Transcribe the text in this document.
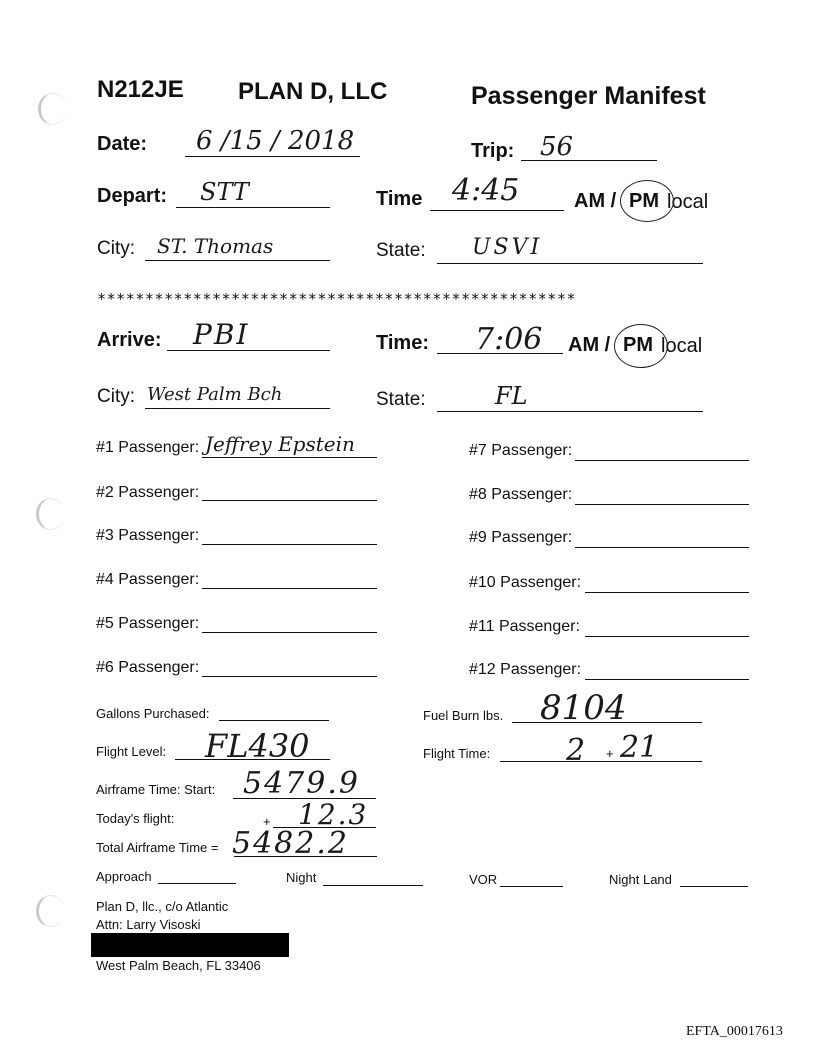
N212JE PLAN D, LLC	Passenger Manifest
Date: 6 /15 / 2018	Trip: 56
Depart: STT	Time 4:45	AM / PM local
City: ST. Thomas	State: USVI
**************************************************
Arrive: PBI	Time: 7:06 AM / PM local
City: West Palm Bch	State:	FL
#1 Passenger: Jeffrey Epstein
#2 Passenger:
#3 Passenger:
#4 Passenger:
#5 Passenger:
#6 Passenger:
#7 Passenger:
#8 Passenger:
#9 Passenger:
#10 Passenger:
#11 Passenger:
#12 Passenger:
Gallons Purchased:	Fuel Burn lbs. 8104
Flight Level: FL430	Flight Time:	2 + 21
Airframe Time: Start: 5479.9
Today's flight:	+ 12.3
Total Airframe Time = 5482.2
Approach	Night	VOR	Night Land
Plan D, llc., c/o Atlantic
Attn: Larry Visoski
West Palm Beach, FL 33406
EFTA_00017613
